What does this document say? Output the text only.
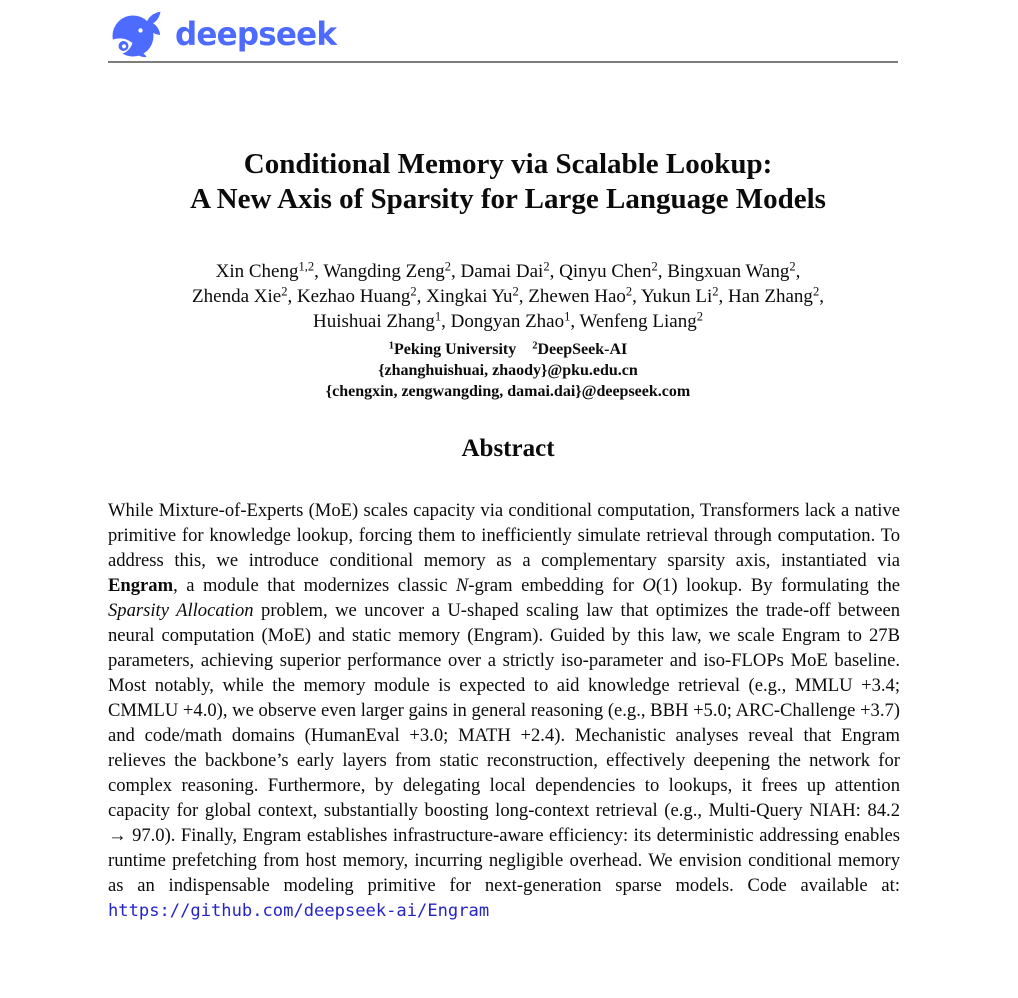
deepseek
Conditional Memory via Scalable Lookup:
A New Axis of Sparsity for Large Language Models
Xin Cheng$^{1,2}$, Wangding Zeng$^2$, Damai Dai$^2$, Qinyu Chen$^2$, Bingxuan Wang$^2$,
Zhenda Xie$^2$, Kezhao Huang$^2$, Xingkai Yu$^2$, Zhewen Hao$^2$, Yukun Li$^2$, Han Zhang$^2$,
Huishuai Zhang$^1$, Dongyan Zhao$^1$, Wenfeng Liang$^2$
$^1$Peking University $^2$DeepSeek-AI
{zhanghuishuai, zhaody}@pku.edu.cn
{chengxin, zengwangding, damai.dai}@deepseek.com
Abstract

While Mixture-of-Experts (MoE) scales capacity via conditional computation, Transformers lack a native primitive for knowledge lookup, forcing them to inefficiently simulate retrieval through computation. To address this, we introduce conditional memory as a complementary sparsity axis, instantiated via Engram, a module that modernizes classic N-gram embedding for O(1) lookup. By formulating the Sparsity Allocation problem, we uncover a U-shaped scaling law that optimizes the trade-off between neural computation (MoE) and static memory (Engram). Guided by this law, we scale Engram to 27B parameters, achieving superior performance over a strictly iso-parameter and iso-FLOPs MoE baseline. Most notably, while the memory module is expected to aid knowledge retrieval (e.g., MMLU +3.4; CMMLU +4.0), we observe even larger gains in general reasoning (e.g., BBH +5.0; ARC-Challenge +3.7) and code/math domains (HumanEval +3.0; MATH +2.4). Mechanistic analyses reveal that Engram relieves the backbone’s early layers from static reconstruction, effectively deepening the network for complex reasoning. Furthermore, by delegating local dependencies to lookups, it frees up attention capacity for global context, substantially boosting long-context retrieval (e.g., Multi-Query NIAH: 84.2 → 97.0). Finally, Engram establishes infrastructure-aware efficiency: its deterministic addressing enables runtime prefetching from host memory, incurring negligible overhead. We envision conditional memory as an indispensable modeling primitive for next-generation sparse models. Code available at: https://github.com/deepseek-ai/Engram
